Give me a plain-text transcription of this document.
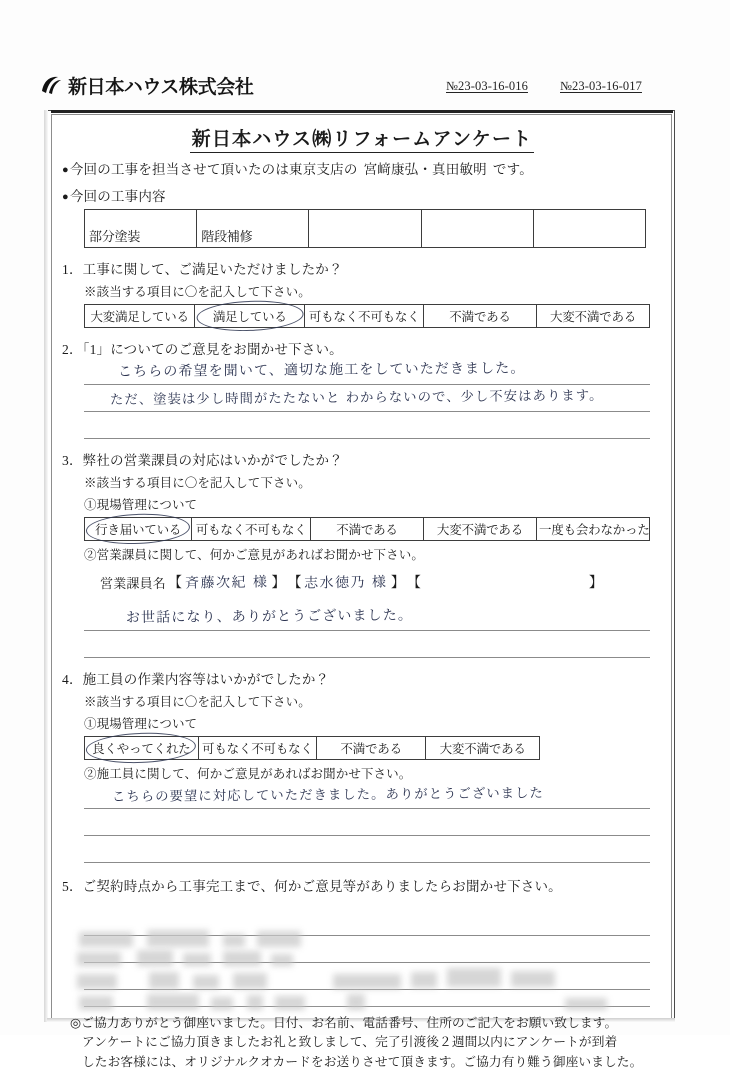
新日本ハウス株式会社	№23-03-16-016	№23-03-16-017
新日本ハウス㈱リフォームアンケート
● 今回の工事を担当させて頂いたのは東京支店の 宮﨑康弘・真田敏明 です。
● 今回の工事内容
部分塗装	階段補修			
1．工事に関して、ご満足いただけましたか？
※該当する項目に〇を記入して下さい。
大変満足している	満足している	可もなく不可もなく	不満である	大変不満である
2．「1」についてのご意見をお聞かせ下さい。
こちらの希望を聞いて、適切な施工をしていただきました。
ただ、塗装は少し時間がたたないと わからないので、少し不安はあります。
3．弊社の営業課員の対応はいかがでしたか？
※該当する項目に〇を記入して下さい。
①現場管理について
行き届いている	可もなく不可もなく	不満である	大変不満である	一度も会わなかった
②営業課員に関して、何かご意見があればお聞かせ下さい。
営業課員名 【 斉藤次紀 様 】 【 志水徳乃 様 】 【	】
お世話になり、ありがとうございました。
4．施工員の作業内容等はいかがでしたか？
※該当する項目に〇を記入して下さい。
①現場管理について
良くやってくれた	可もなく不可もなく	不満である	大変不満である
②施工員に関して、何かご意見があればお聞かせ下さい。
こちらの要望に対応していただきました。ありがとうございました
5．ご契約時点から工事完工まで、何かご意見等がありましたらお聞かせ下さい。
◎ご協力ありがとう御座いました。日付、お名前、電話番号、住所のご記入をお願い致します。
アンケートにご協力頂きましたお礼と致しまして、完了引渡後２週間以内にアンケートが到着
したお客様には、オリジナルクオカードをお送りさせて頂きます。ご協力有り難う御座いました。
